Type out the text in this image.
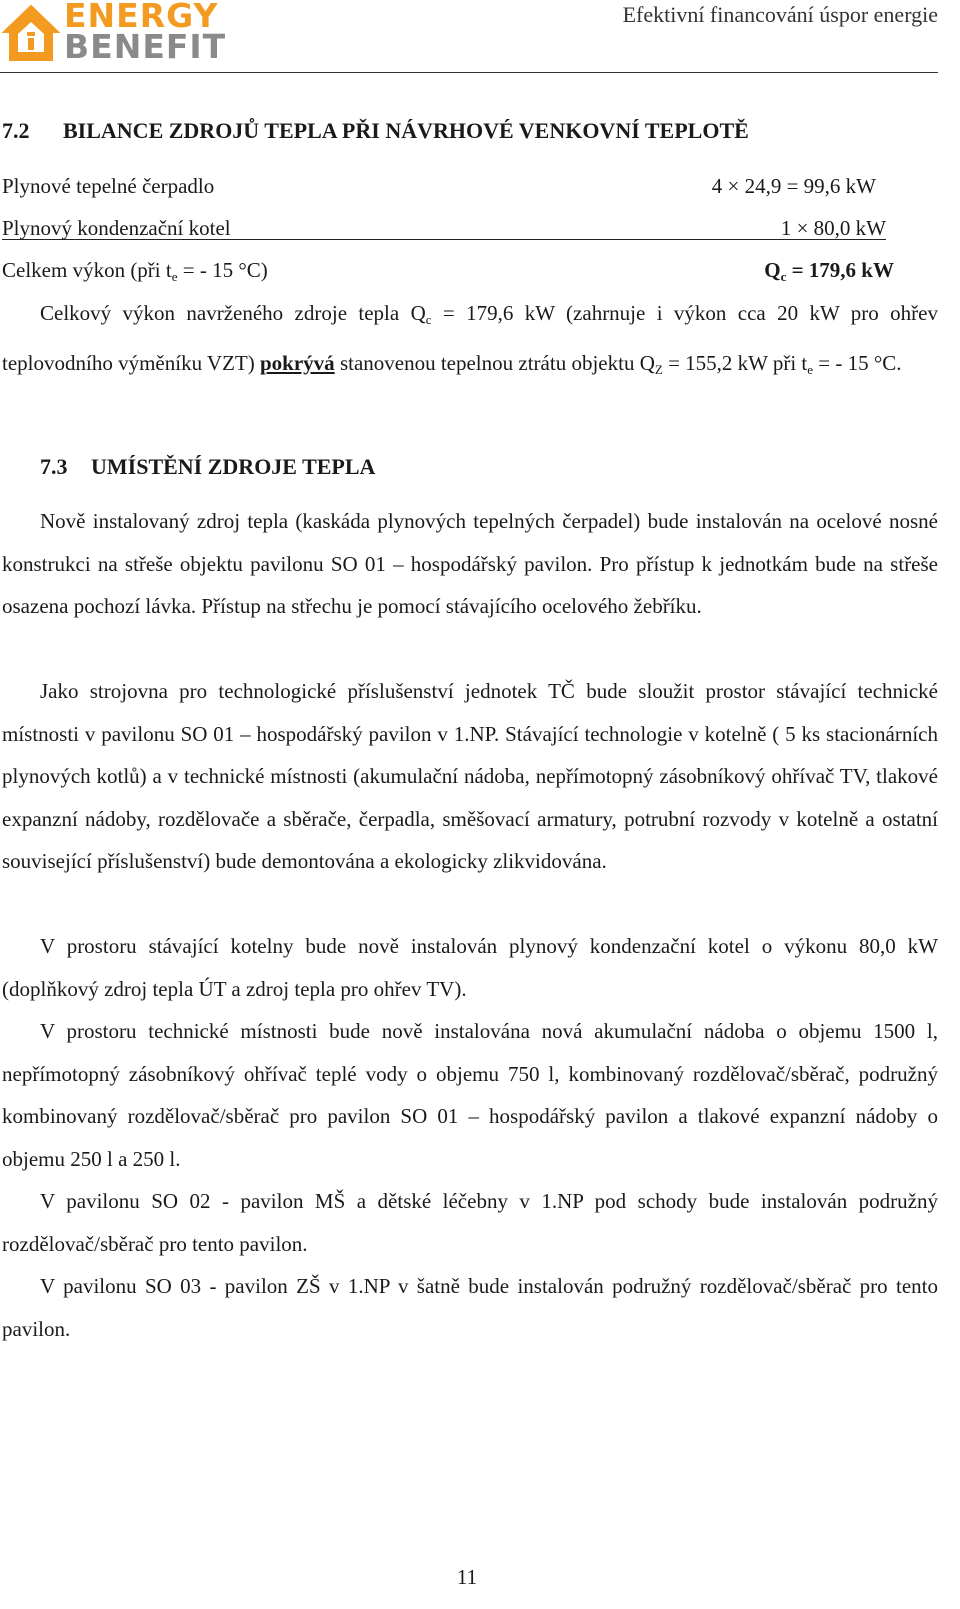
ENERGY
BENEFIT
Efektivní financování úspor energie
7.2 BILANCE ZDROJŮ TEPLA PŘI NÁVRHOVÉ VENKOVNÍ TEPLOTĚ
Plynové tepelné čerpadlo	4 × 24,9 = 99,6 kW
Plynový kondenzační kotel	1 × 80,0 kW
Celkem výkon (při $t_e$ = - 15 °C)	$Q_c = 179,6$ kW

Celkový výkon navrženého zdroje tepla $Q_c = 179,6$ kW (zahrnuje i výkon cca 20 kW pro ohřev teplovodního výměníku VZT) pokrývá stanovenou tepelnou ztrátu objektu $Q_Z = 155,2$ kW při $t_e$ = - 15 °C.

7.3 UMÍSTĚNÍ ZDROJE TEPLA

Nově instalovaný zdroj tepla (kaskáda plynových tepelných čerpadel) bude instalován na ocelové nosné konstrukci na střeše objektu pavilonu SO 01 – hospodářský pavilon. Pro přístup k jednotkám bude na střeše osazena pochozí lávka. Přístup na střechu je pomocí stávajícího ocelového žebříku.

Jako strojovna pro technologické příslušenství jednotek TČ bude sloužit prostor stávající technické místnosti v pavilonu SO 01 – hospodářský pavilon v 1.NP. Stávající technologie v kotelně ( 5 ks stacionárních plynových kotlů) a v technické místnosti (akumulační nádoba, nepřímotopný zásobníkový ohřívač TV, tlakové expanzní nádoby, rozdělovače a sběrače, čerpadla, směšovací armatury, potrubní rozvody v kotelně a ostatní související příslušenství) bude demontována a ekologicky zlikvidována.

V prostoru stávající kotelny bude nově instalován plynový kondenzační kotel o výkonu 80,0 kW (doplňkový zdroj tepla ÚT a zdroj tepla pro ohřev TV).

V prostoru technické místnosti bude nově instalována nová akumulační nádoba o objemu 1500 l, nepřímotopný zásobníkový ohřívač teplé vody o objemu 750 l, kombinovaný rozdělovač/sběrač, podružný kombinovaný rozdělovač/sběrač pro pavilon SO 01 – hospodářský pavilon a tlakové expanzní nádoby o objemu 250 l a 250 l.

V pavilonu SO 02 - pavilon MŠ a dětské léčebny v 1.NP pod schody bude instalován podružný rozdělovač/sběrač pro tento pavilon.

V pavilonu SO 03 - pavilon ZŠ v 1.NP v šatně bude instalován podružný rozdělovač/sběrač pro tento pavilon.

11
